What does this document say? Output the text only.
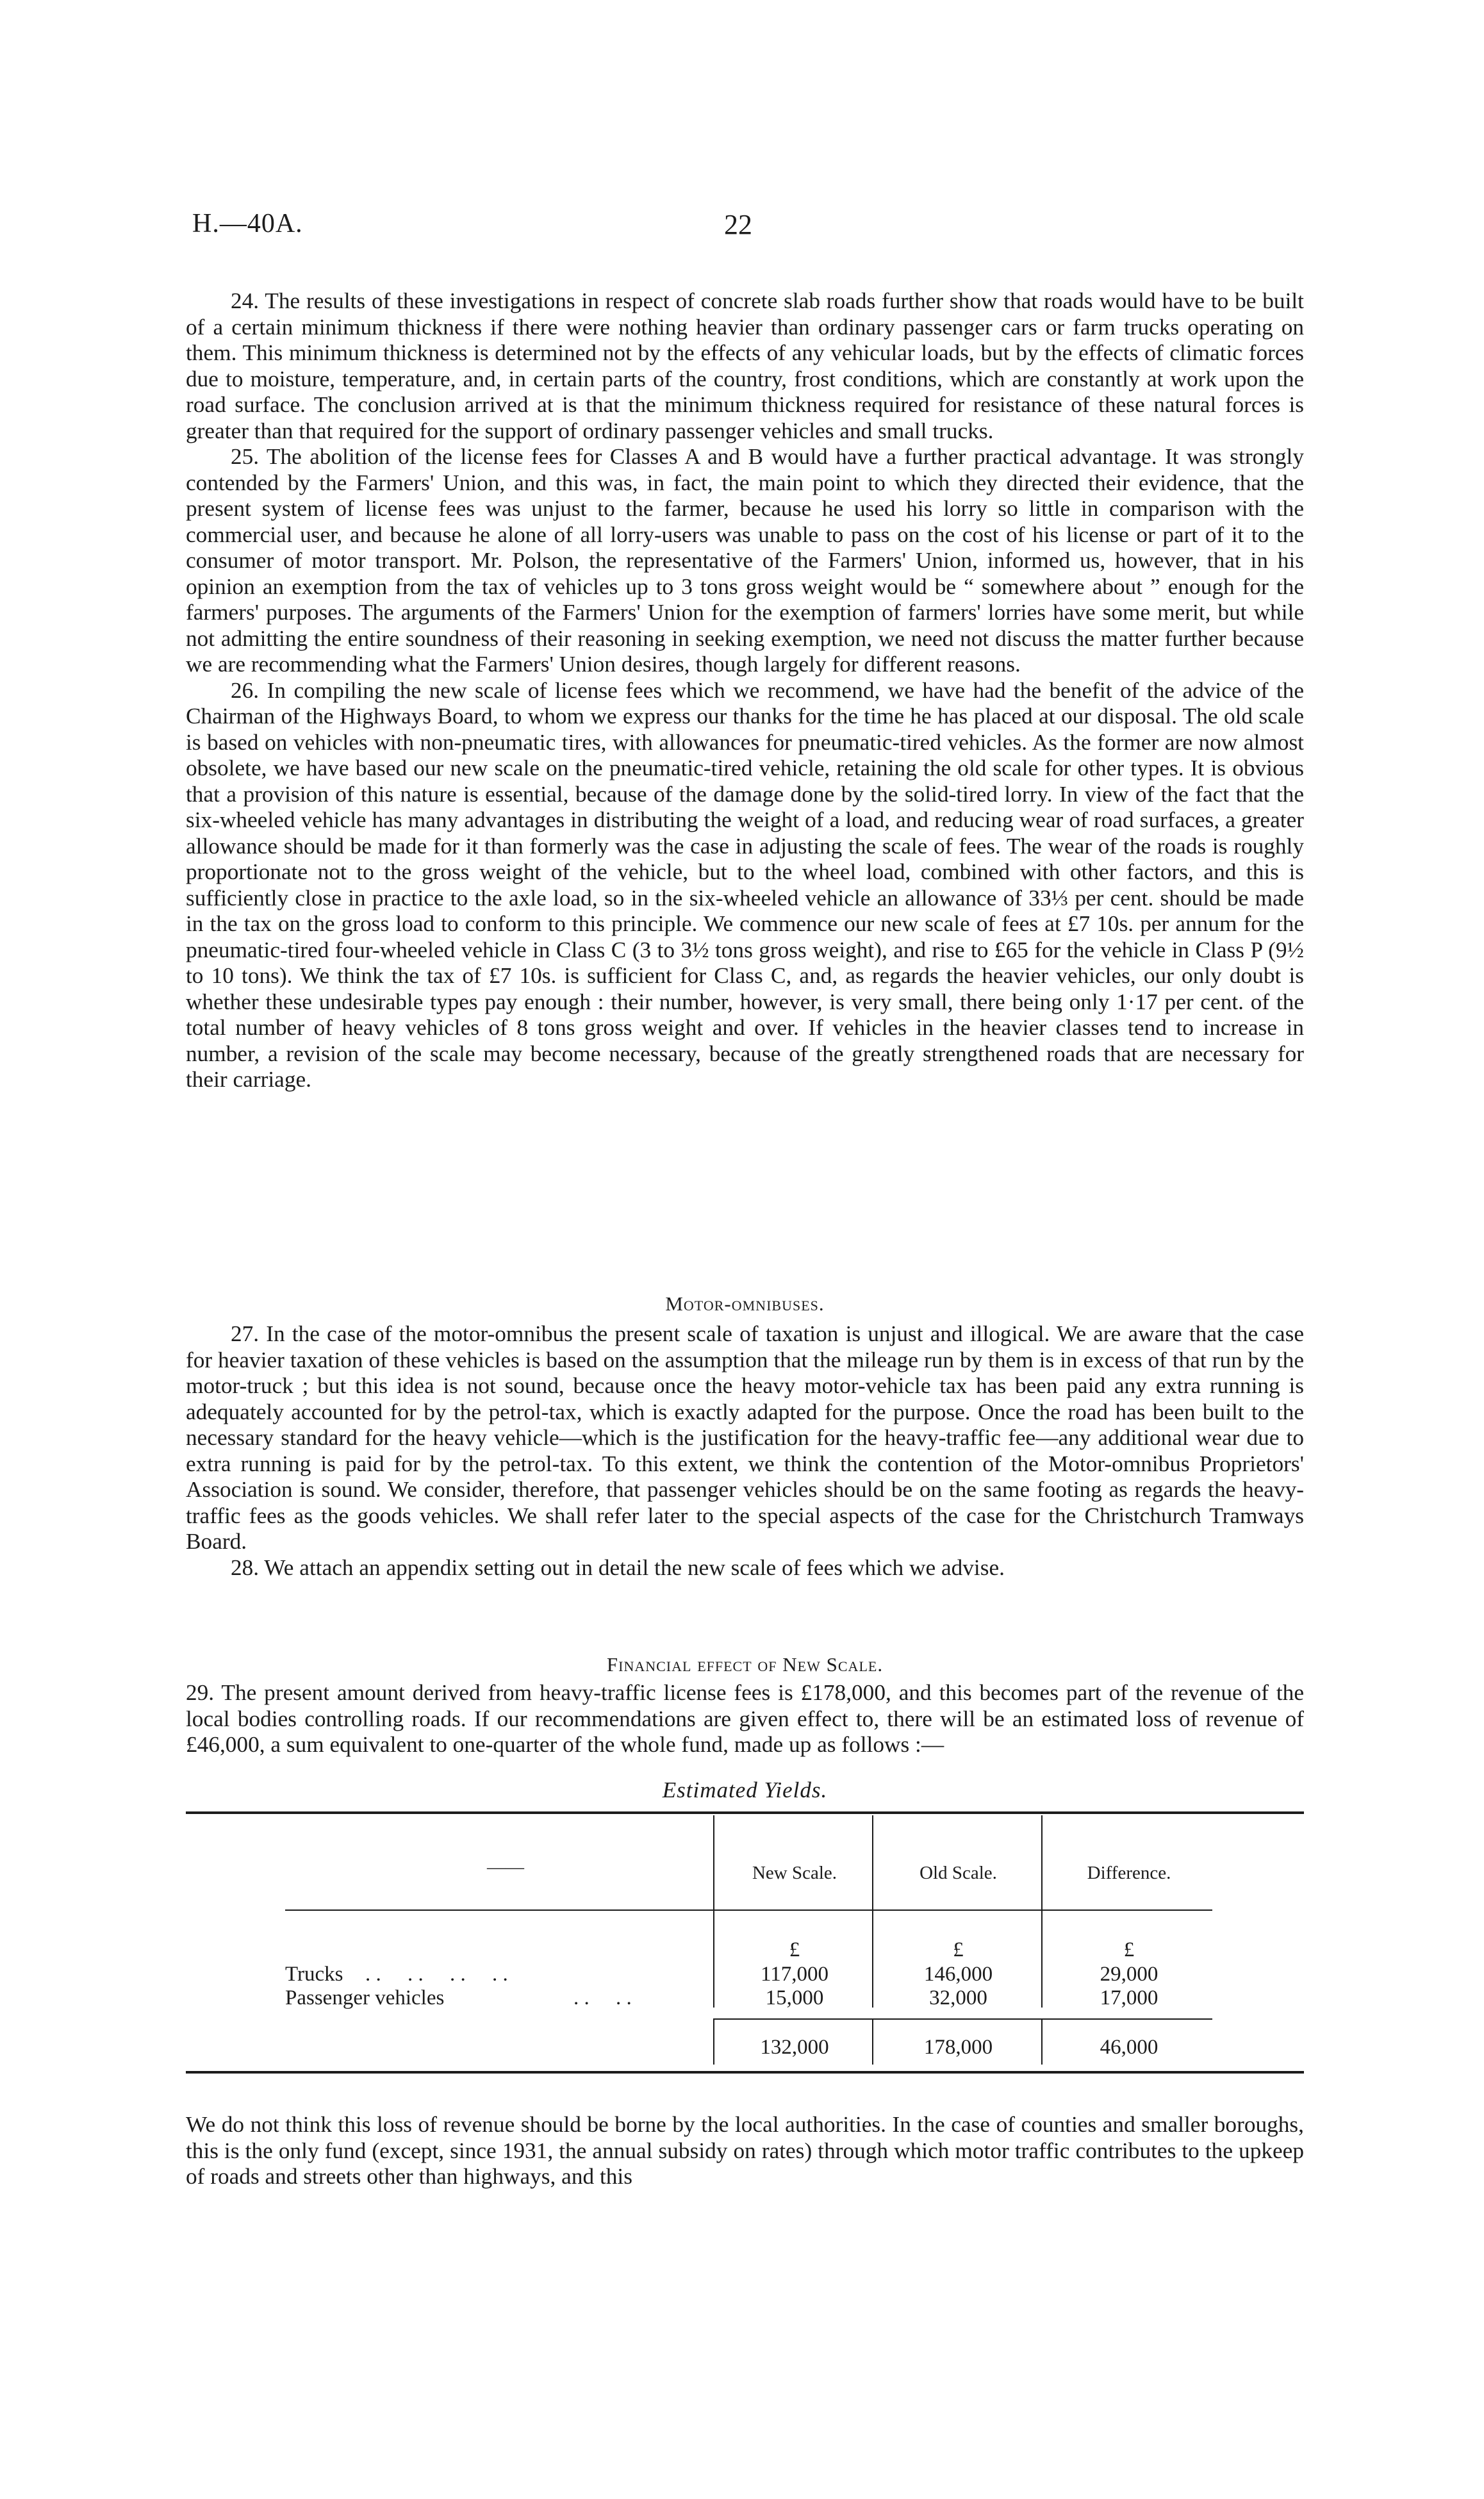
H.—40A.	22

24. The results of these investigations in respect of concrete slab roads further show that roads would have to be built of a certain minimum thickness if there were nothing heavier than ordinary passenger cars or farm trucks operating on them. This minimum thickness is determined not by the effects of any vehicular loads, but by the effects of climatic forces due to moisture, temperature, and, in certain parts of the country, frost conditions, which are constantly at work upon the road surface. The conclusion arrived at is that the minimum thickness required for resistance of these natural forces is greater than that required for the support of ordinary passenger vehicles and small trucks.

25. The abolition of the license fees for Classes A and B would have a further practical advantage. It was strongly contended by the Farmers' Union, and this was, in fact, the main point to which they directed their evidence, that the present system of license fees was unjust to the farmer, because he used his lorry so little in comparison with the commercial user, and because he alone of all lorry-users was unable to pass on the cost of his license or part of it to the consumer of motor transport. Mr. Polson, the representative of the Farmers' Union, informed us, however, that in his opinion an exemption from the tax of vehicles up to 3 tons gross weight would be “ somewhere about ” enough for the farmers' purposes. The arguments of the Farmers' Union for the exemption of farmers' lorries have some merit, but while not admitting the entire soundness of their reasoning in seeking exemption, we need not discuss the matter further because we are recommending what the Farmers' Union desires, though largely for different reasons.

26. In compiling the new scale of license fees which we recommend, we have had the benefit of the advice of the Chairman of the Highways Board, to whom we express our thanks for the time he has placed at our disposal. The old scale is based on vehicles with non-pneumatic tires, with allowances for pneumatic-tired vehicles. As the former are now almost obsolete, we have based our new scale on the pneumatic-tired vehicle, retaining the old scale for other types. It is obvious that a provision of this nature is essential, because of the damage done by the solid-tired lorry. In view of the fact that the six-wheeled vehicle has many advantages in distributing the weight of a load, and reducing wear of road surfaces, a greater allowance should be made for it than formerly was the case in adjusting the scale of fees. The wear of the roads is roughly proportionate not to the gross weight of the vehicle, but to the wheel load, combined with other factors, and this is sufficiently close in practice to the axle load, so in the six-wheeled vehicle an allowance of 33⅓ per cent. should be made in the tax on the gross load to conform to this principle. We commence our new scale of fees at £7 10s. per annum for the pneumatic-tired four-wheeled vehicle in Class C (3 to 3½ tons gross weight), and rise to £65 for the vehicle in Class P (9½ to 10 tons). We think the tax of £7 10s. is sufficient for Class C, and, as regards the heavier vehicles, our only doubt is whether these undesirable types pay enough : their number, however, is very small, there being only 1·17 per cent. of the total number of heavy vehicles of 8 tons gross weight and over. If vehicles in the heavier classes tend to increase in number, a revision of the scale may become necessary, because of the greatly strengthened roads that are necessary for their carriage.

Motor-omnibuses.

27. In the case of the motor-omnibus the present scale of taxation is unjust and illogical. We are aware that the case for heavier taxation of these vehicles is based on the assumption that the mileage run by them is in excess of that run by the motor-truck ; but this idea is not sound, because once the heavy motor-vehicle tax has been paid any extra running is adequately accounted for by the petrol-tax, which is exactly adapted for the purpose. Once the road has been built to the necessary standard for the heavy vehicle—which is the justification for the heavy-traffic fee—any additional wear due to extra running is paid for by the petrol-tax. To this extent, we think the contention of the Motor-omnibus Proprietors' Association is sound. We consider, therefore, that passenger vehicles should be on the same footing as regards the heavy-traffic fees as the goods vehicles. We shall refer later to the special aspects of the case for the Christchurch Tramways Board.

28. We attach an appendix setting out in detail the new scale of fees which we advise.

Financial effect of New Scale.
29. The present amount derived from heavy-traffic license fees is £178,000, and this becomes part of the revenue of the local bodies controlling roads. If our recommendations are given effect to, there will be an estimated loss of revenue of £46,000, a sum equivalent to one-quarter of the whole fund, made up as follows :—
Estimated Yields.
——	New Scale.	Old Scale.	Difference.
£	£	£
Trucks . .     . .     . .     . .	117,000	146,000	29,000
Passenger vehicles	. .     . .	15,000	32,000	17,000
132,000	178,000	46,000
We do not think this loss of revenue should be borne by the local authorities. In the case of counties and smaller boroughs, this is the only fund (except, since 1931, the annual subsidy on rates) through which motor traffic contributes to the upkeep of roads and streets other than highways, and this
